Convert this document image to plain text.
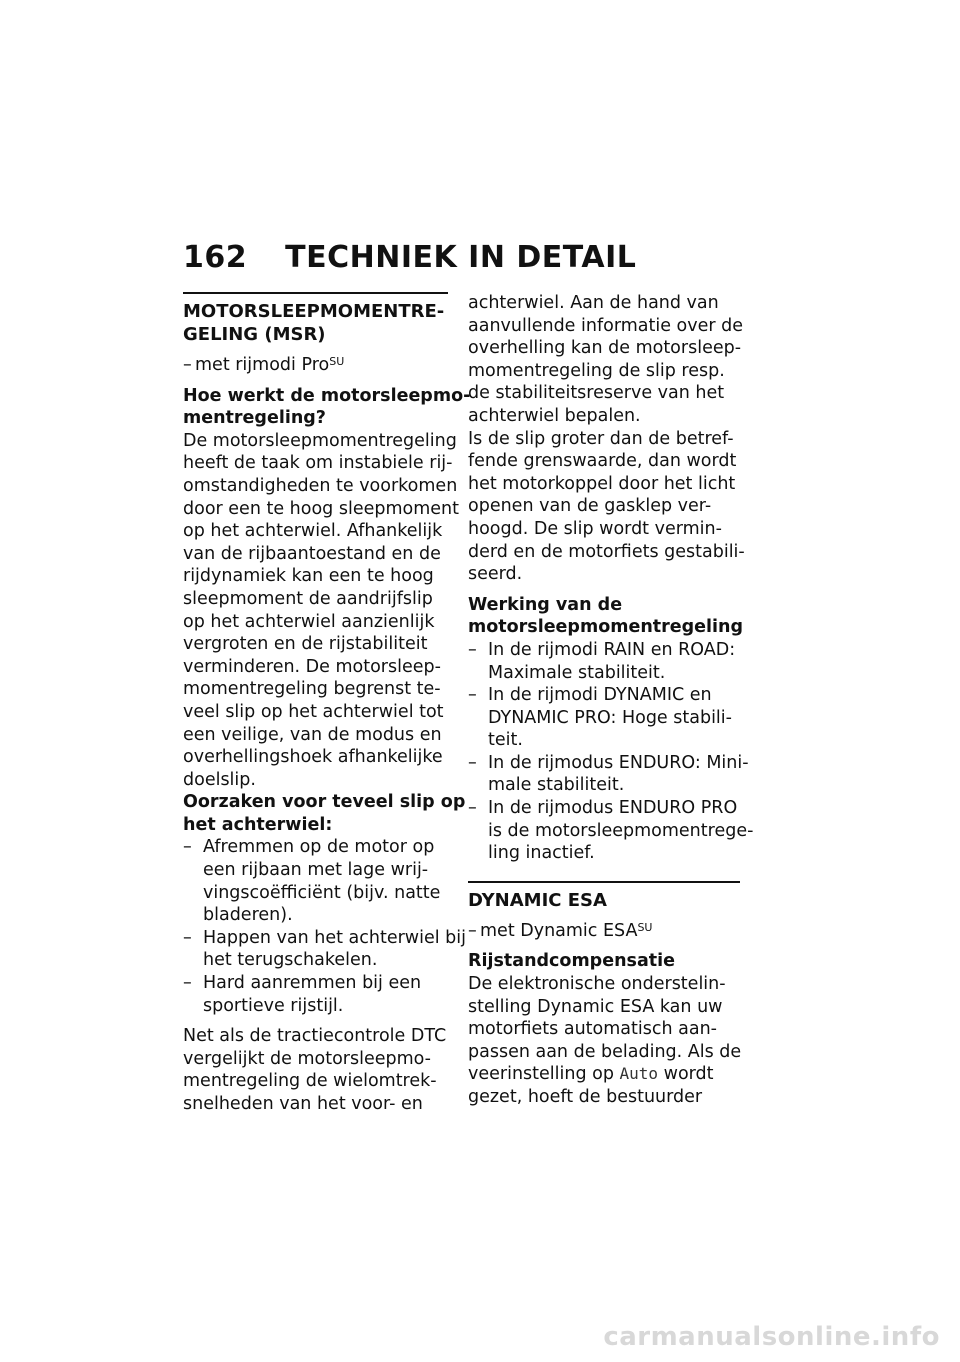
162 TECHNIEK IN DETAIL
MOTORSLEEPMOMENTRE-
GELING (MSR)
– met rijmodi Pro$^{SU}$
Hoe werkt de motorsleepmo-
mentregeling?

De motorsleepmomentregeling
heeft de taak om instabiele rij-
omstandigheden te voorkomen
door een te hoog sleepmoment
op het achterwiel. Afhankelijk
van de rijbaantoestand en de
rijdynamiek kan een te hoog
sleepmoment de aandrijfslip
op het achterwiel aanzienlijk
vergroten en de rijstabiliteit
verminderen. De motorsleep-
momentregeling begrenst te-
veel slip op het achterwiel tot
een veilige, van de modus en
overhellingshoek afhankelijke
doelslip.

Oorzaken voor teveel slip op
het achterwiel:
– Afremmen op de motor op
een rijbaan met lage wrij-
vingscoëfficiënt (bijv. natte
bladeren).
– Happen van het achterwiel bij
het terugschakelen.
– Hard aanremmen bij een
sportieve rijstijl.

Net als de tractiecontrole DTC
vergelijkt de motorsleepmo-
mentregeling de wielomtrek-
snelheden van het voor- en

achterwiel. Aan de hand van
aanvullende informatie over de
overhelling kan de motorsleep-
momentregeling de slip resp.
de stabiliteitsreserve van het
achterwiel bepalen.
Is de slip groter dan de betref-
fende grenswaarde, dan wordt
het motorkoppel door het licht
openen van de gasklep ver-
hoogd. De slip wordt vermin-
derd en de motorfiets gestabili-
seerd.

Werking van de
motorsleepmomentregeling
– In de rijmodi RAIN en ROAD:
Maximale stabiliteit.
– In de rijmodi DYNAMIC en
DYNAMIC PRO: Hoge stabili-
teit.
– In de rijmodus ENDURO: Mini-
male stabiliteit.
– In de rijmodus ENDURO PRO
is de motorsleepmomentrege-
ling inactief.
DYNAMIC ESA
– met Dynamic $ESA^{SU}$
Rijstandcompensatie

De elektronische onderstelin-
stelling Dynamic ESA kan uw
motorfiets automatisch aan-
passen aan de belading. Als de
veerinstelling op Auto wordt
gezet, hoeft de bestuurder

carmanualsonline.info
